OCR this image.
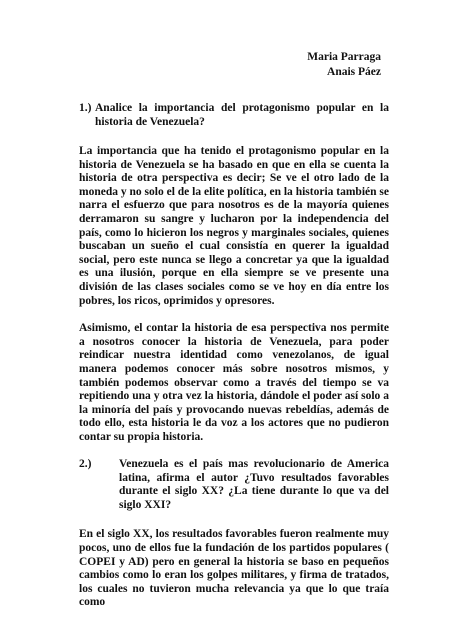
Maria Parraga
Anais Páez
1.) Analice la importancia del protagonismo popular en la historia de Venezuela?

La importancia que ha tenido el protagonismo popular en la historia de Venezuela se ha basado en que en ella se cuenta la historia de otra perspectiva es decir; Se ve el otro lado de la moneda y no solo el de la elite política, en la historia también se narra el esfuerzo que para nosotros es de la mayoría quienes derramaron su sangre y lucharon por la independencia del país, como lo hicieron los negros y marginales sociales, quienes buscaban un sueño el cual consistía en querer la igualdad social, pero este nunca se llego a concretar ya que la igualdad es una ilusión, porque en ella siempre se ve presente una división de las clases sociales como se ve hoy en día entre los pobres, los ricos, oprimidos y opresores.

Asimismo, el contar la historia de esa perspectiva nos permite a nosotros conocer la historia de Venezuela, para poder reindicar nuestra identidad como venezolanos, de igual manera podemos conocer más sobre nosotros mismos, y también podemos observar como a través del tiempo se va repitiendo una y otra vez la historia, dándole el poder así solo a la minoría del país y provocando nuevas rebeldías, además de todo ello, esta historia le da voz a los actores que no pudieron contar su propia historia.

2.)	Venezuela es el país mas revolucionario de America latina, afirma el autor ¿Tuvo resultados favorables durante el siglo XX? ¿La tiene durante lo que va del siglo XXI?

En el siglo XX, los resultados favorables fueron realmente muy pocos, uno de ellos fue la fundación de los partidos populares ( COPEI y AD) pero en general la historia se baso en pequeños cambios como lo eran los golpes militares, y firma de tratados, los cuales no tuvieron mucha relevancia ya que lo que traía como
